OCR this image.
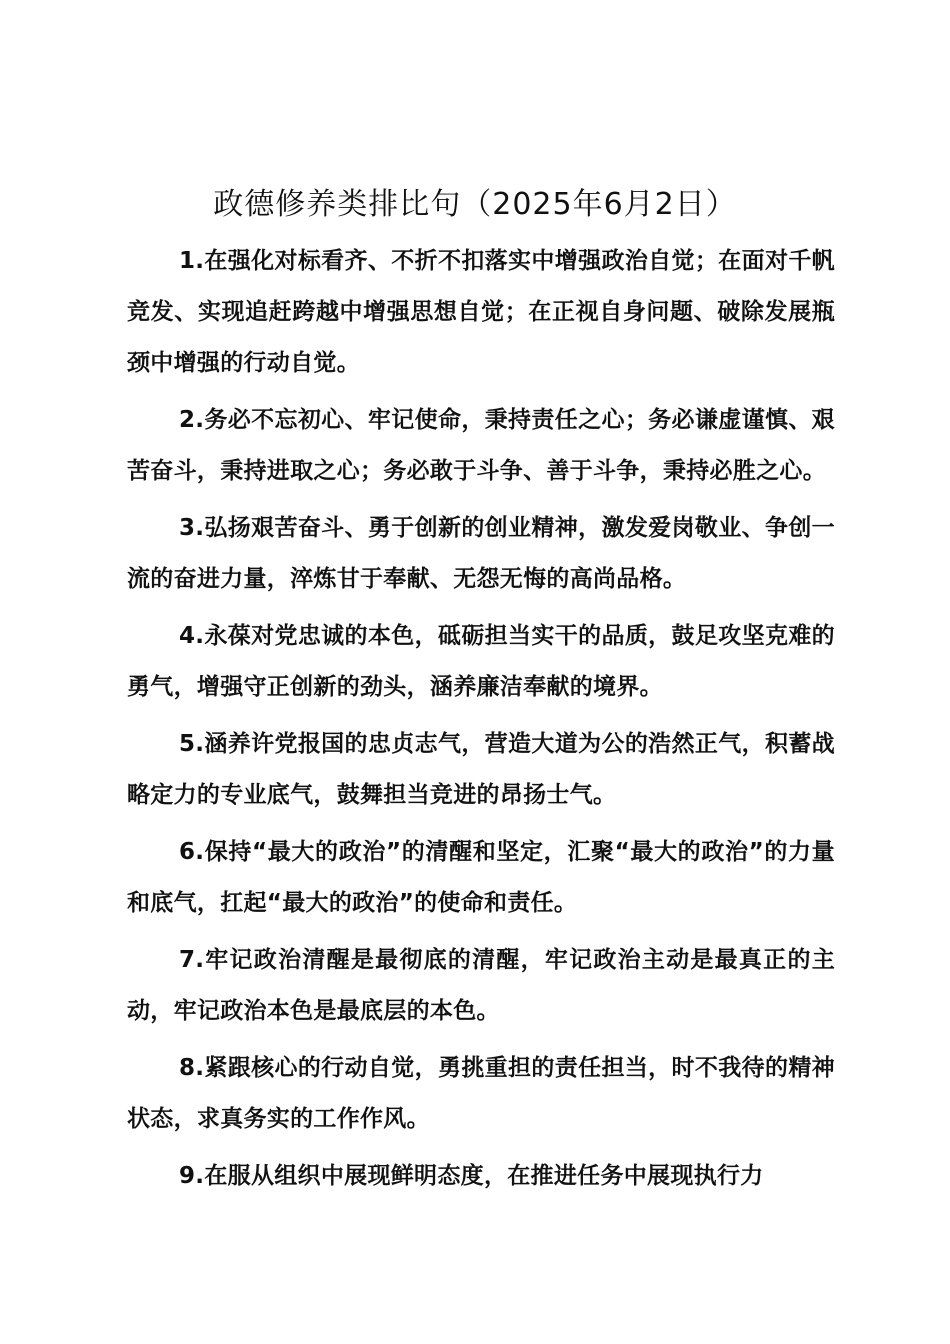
政德修养类排比句（2025年6月2日）

1.在强化对标看齐、不折不扣落实中增强政治自觉；在面对千帆竞发、实现追赶跨越中增强思想自觉；在正视自身问题、破除发展瓶颈中增强的行动自觉。

2.务必不忘初心、牢记使命，秉持责任之心；务必谦虚谨慎、艰苦奋斗，秉持进取之心；务必敢于斗争、善于斗争，秉持必胜之心。

3.弘扬艰苦奋斗、勇于创新的创业精神，激发爱岗敬业、争创一流的奋进力量，淬炼甘于奉献、无怨无悔的高尚品格。

4.永葆对党忠诚的本色，砥砺担当实干的品质，鼓足攻坚克难的勇气，增强守正创新的劲头，涵养廉洁奉献的境界。

5.涵养许党报国的忠贞志气，营造大道为公的浩然正气，积蓄战略定力的专业底气，鼓舞担当竞进的昂扬士气。

6.保持“最大的政治”的清醒和坚定，汇聚“最大的政治”的力量和底气，扛起“最大的政治”的使命和责任。

7.牢记政治清醒是最彻底的清醒，牢记政治主动是最真正的主动，牢记政治本色是最底层的本色。

8.紧跟核心的行动自觉，勇挑重担的责任担当，时不我待的精神状态，求真务实的工作作风。

9.在服从组织中展现鲜明态度，在推进任务中展现执行力
